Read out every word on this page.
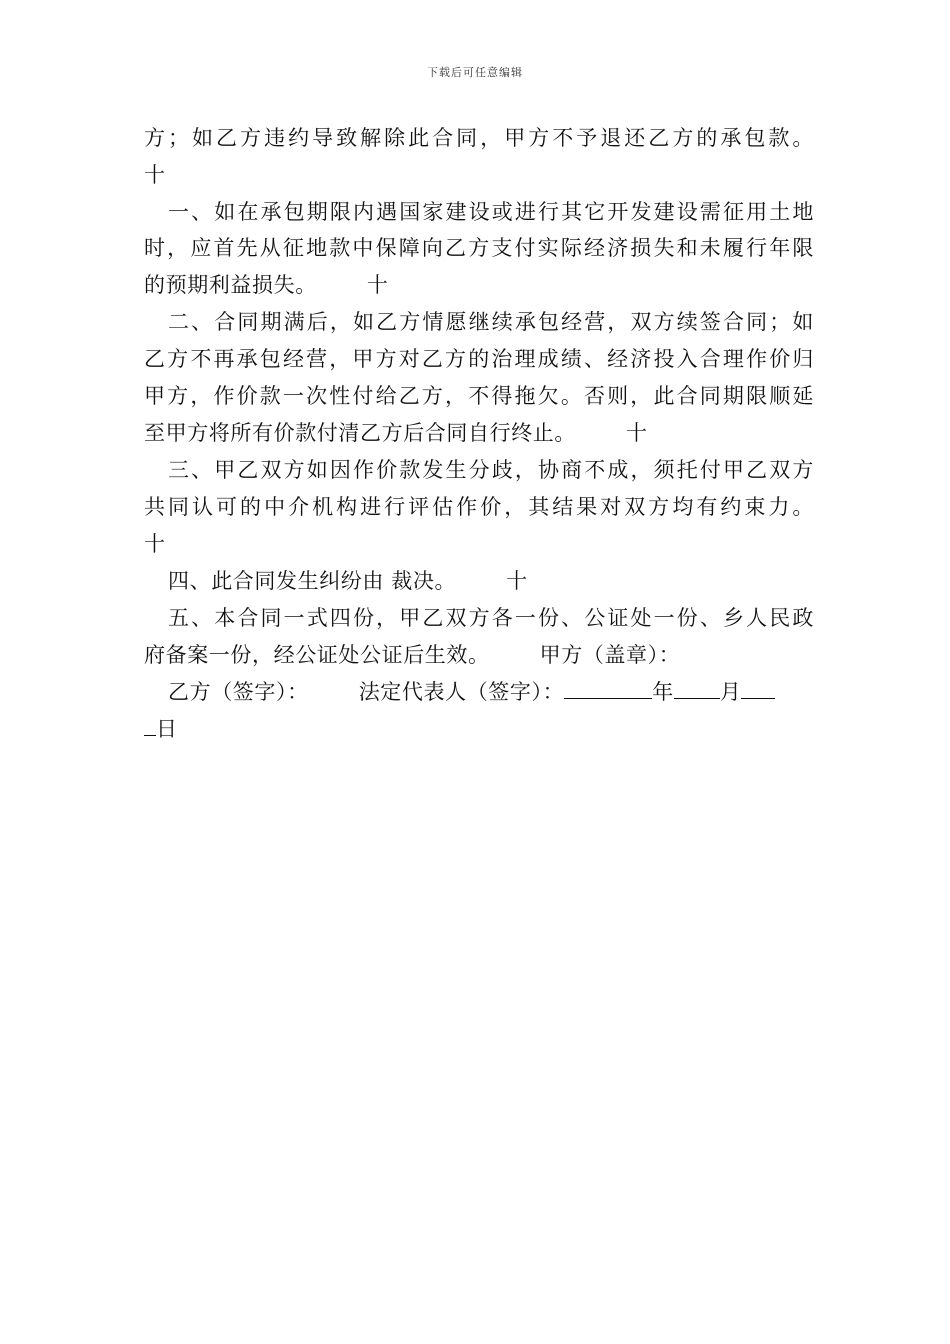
下载后可任意编辑
方；如乙方违约导致解除此合同，甲方不予退还乙方的承包款。
十
一、如在承包期限内遇国家建设或进行其它开发建设需征用土地
时，应首先从征地款中保障向乙方支付实际经济损失和未履行年限
的预期利益损失。 十
二、合同期满后，如乙方情愿继续承包经营，双方续签合同；如
乙方不再承包经营，甲方对乙方的治理成绩、经济投入合理作价归
甲方，作价款一次性付给乙方，不得拖欠。否则，此合同期限顺延
至甲方将所有价款付清乙方后合同自行终止。 十
三、甲乙双方如因作价款发生分歧，协商不成，须托付甲乙双方
共同认可的中介机构进行评估作价，其结果对双方均有约束力。
十
四、此合同发生纠纷由 裁决。 十
五、本合同一式四份，甲乙双方各一份、公证处一份、乡人民政
府备案一份，经公证处公证后生效。 甲方（盖章）：
乙方（签字）： 法定代表人（签字）：	年 月
日
